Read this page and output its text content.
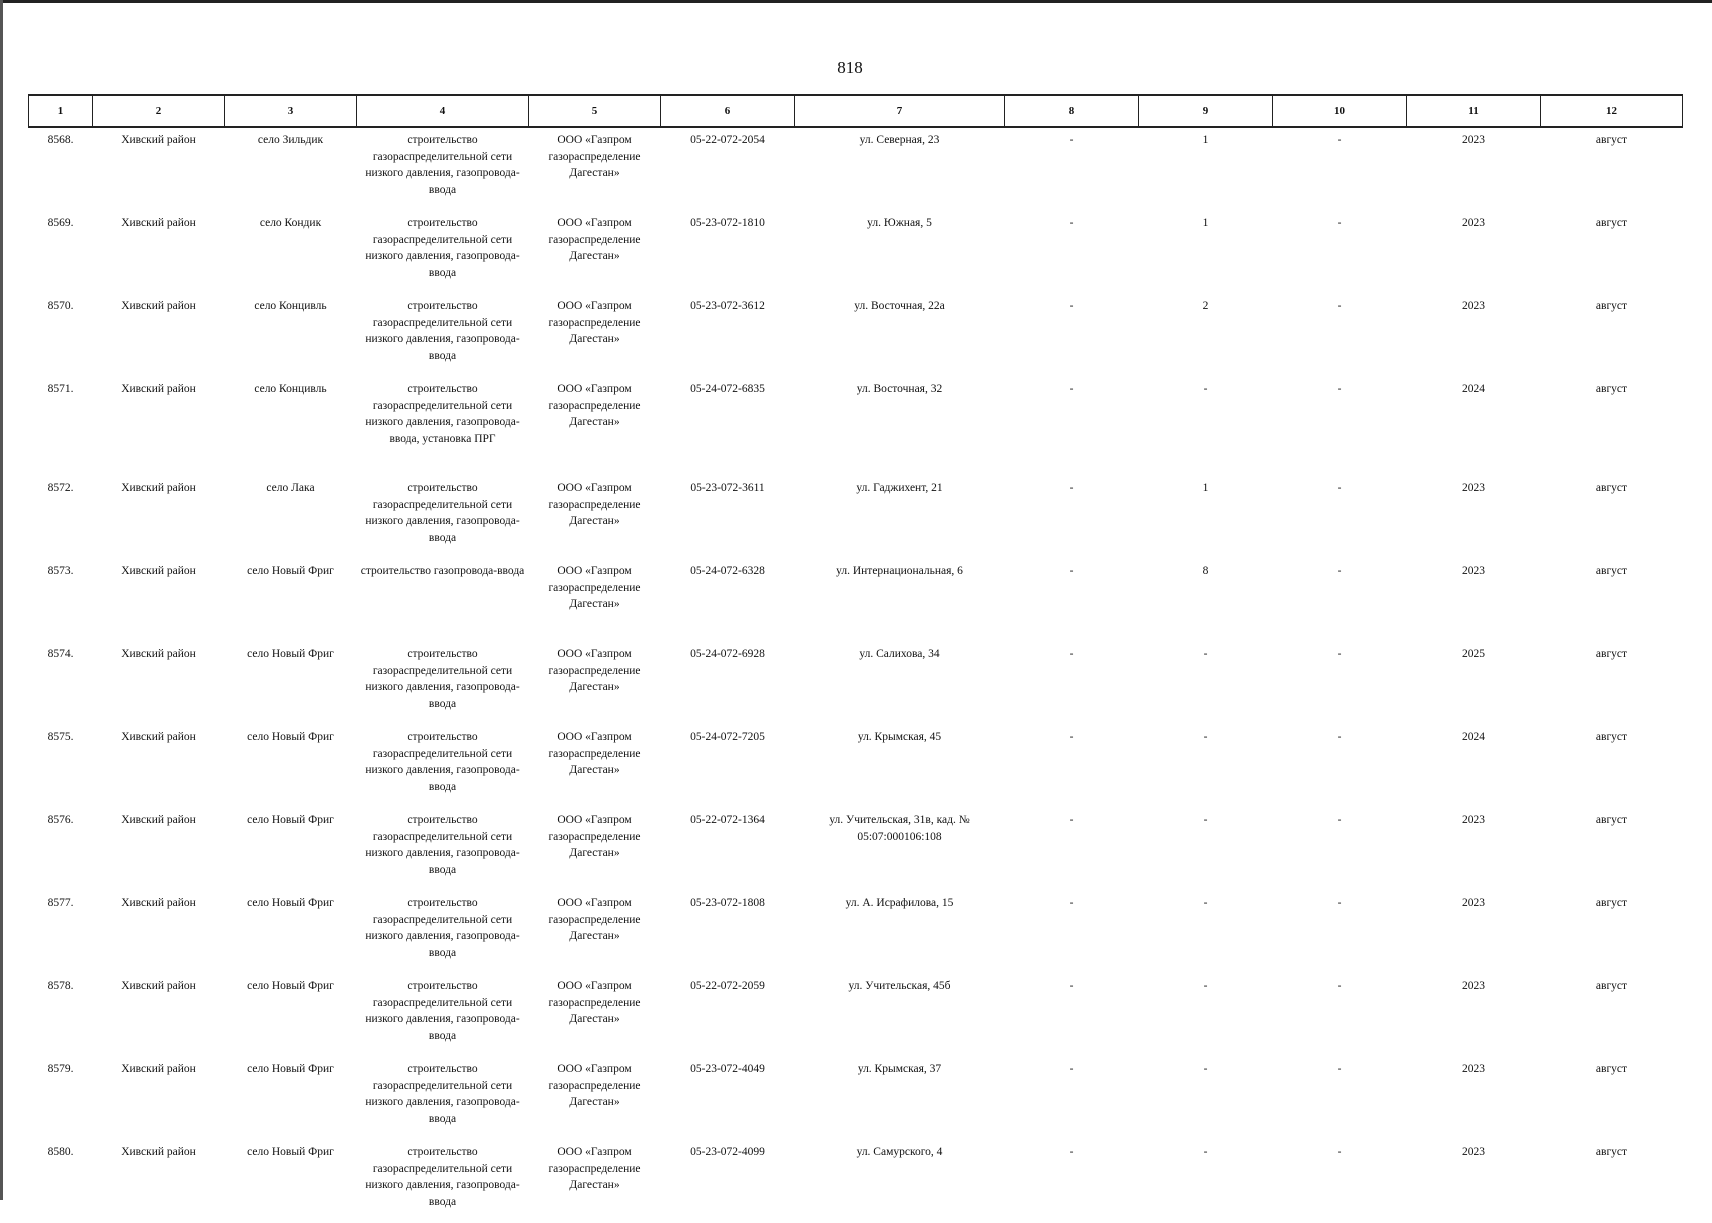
818
1	2	3	4	5	6	7	8	9	10	11	12
8568.	Хивский район	село Зильдик	строительство газораспределительной сети низкого давления, газопровода-ввода	ООО «Газпром газораспределение Дагестан»	05-22-072-2054	ул. Северная, 23	-	1	-	2023	август
8569.	Хивский район	село Кондик	строительство газораспределительной сети низкого давления, газопровода-ввода	ООО «Газпром газораспределение Дагестан»	05-23-072-1810	ул. Южная, 5	-	1	-	2023	август
8570.	Хивский район	село Концивль	строительство газораспределительной сети низкого давления, газопровода-ввода	ООО «Газпром газораспределение Дагестан»	05-23-072-3612	ул. Восточная, 22а	-	2	-	2023	август
8571.	Хивский район	село Концивль	строительство газораспределительной сети низкого давления, газопровода-ввода, установка ПРГ	ООО «Газпром газораспределение Дагестан»	05-24-072-6835	ул. Восточная, 32	-	-	-	2024	август
8572.	Хивский район	село Лака	строительство газораспределительной сети низкого давления, газопровода-ввода	ООО «Газпром газораспределение Дагестан»	05-23-072-3611	ул. Гаджихент, 21	-	1	-	2023	август
8573.	Хивский район	село Новый Фриг	строительство газопровода-ввода	ООО «Газпром газораспределение Дагестан»	05-24-072-6328	ул. Интернациональная, 6	-	8	-	2023	август
8574.	Хивский район	село Новый Фриг	строительство газораспределительной сети низкого давления, газопровода-ввода	ООО «Газпром газораспределение Дагестан»	05-24-072-6928	ул. Салихова, 34	-	-	-	2025	август
8575.	Хивский район	село Новый Фриг	строительство газораспределительной сети низкого давления, газопровода-ввода	ООО «Газпром газораспределение Дагестан»	05-24-072-7205	ул. Крымская, 45	-	-	-	2024	август
8576.	Хивский район	село Новый Фриг	строительство газораспределительной сети низкого давления, газопровода-ввода	ООО «Газпром газораспределение Дагестан»	05-22-072-1364	ул. Учительская, 31в, кад. № 05:07:000106:108	-	-	-	2023	август
8577.	Хивский район	село Новый Фриг	строительство газораспределительной сети низкого давления, газопровода-ввода	ООО «Газпром газораспределение Дагестан»	05-23-072-1808	ул. А. Исрафилова, 15	-	-	-	2023	август
8578.	Хивский район	село Новый Фриг	строительство газораспределительной сети низкого давления, газопровода-ввода	ООО «Газпром газораспределение Дагестан»	05-22-072-2059	ул. Учительская, 45б	-	-	-	2023	август
8579.	Хивский район	село Новый Фриг	строительство газораспределительной сети низкого давления, газопровода-ввода	ООО «Газпром газораспределение Дагестан»	05-23-072-4049	ул. Крымская, 37	-	-	-	2023	август
8580.	Хивский район	село Новый Фриг	строительство газораспределительной сети низкого давления, газопровода-ввода	ООО «Газпром газораспределение Дагестан»	05-23-072-4099	ул. Самурского, 4	-	-	-	2023	август
